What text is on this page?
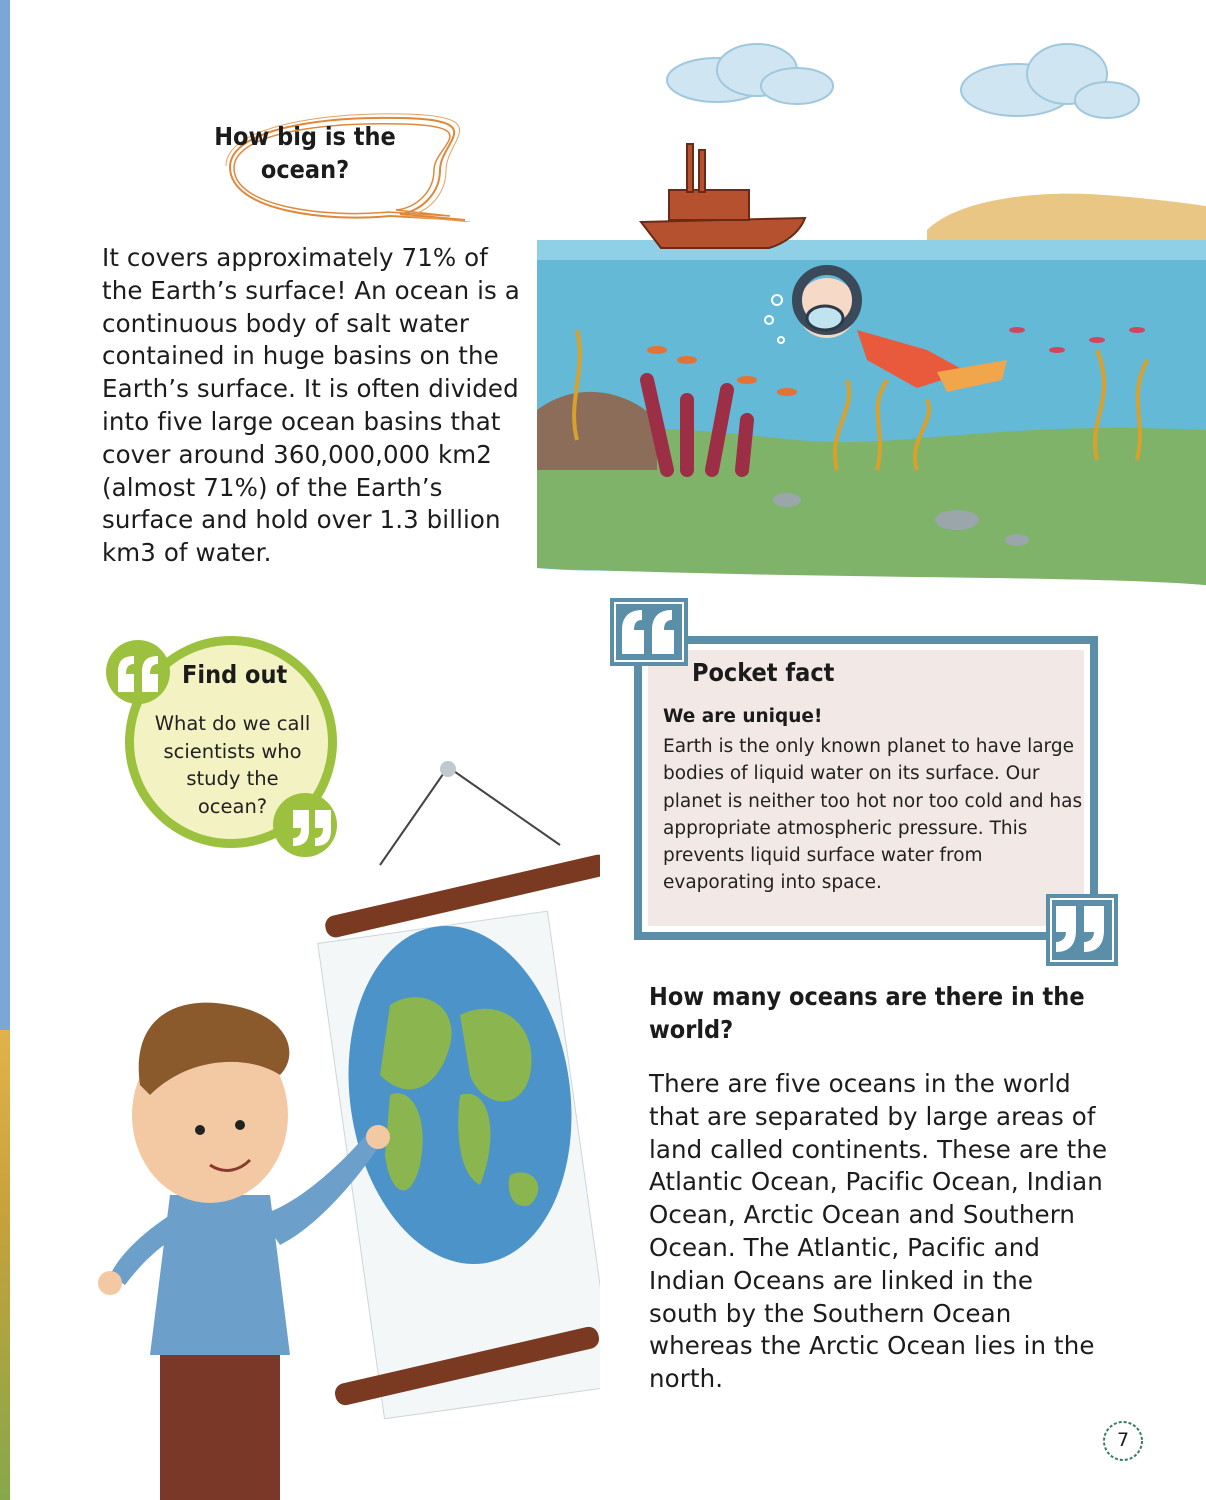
How big is the ocean?
It covers approximately 71% of the Earth’s surface! An ocean is a continuous body of salt water contained in huge basins on the Earth’s surface. It is often divided into five large ocean basins that cover around 360,000,000 km2 (almost 71%) of the Earth’s surface and hold over 1.3 billion km3 of water.
Find out
What do we call scientists who study the ocean?
Pocket fact
We are unique!
Earth is the only known planet to have large bodies of liquid water on its surface. Our planet is neither too hot nor too cold and has appropriate atmospheric pressure. This prevents liquid surface water from evaporating into space.
How many oceans are there in the world?
There are five oceans in the world that are separated by large areas of land called continents. These are the Atlantic Ocean, Pacific Ocean, Indian Ocean, Arctic Ocean and Southern Ocean. The Atlantic, Pacific and Indian Oceans are linked in the south by the Southern Ocean whereas the Arctic Ocean lies in the north.
7
